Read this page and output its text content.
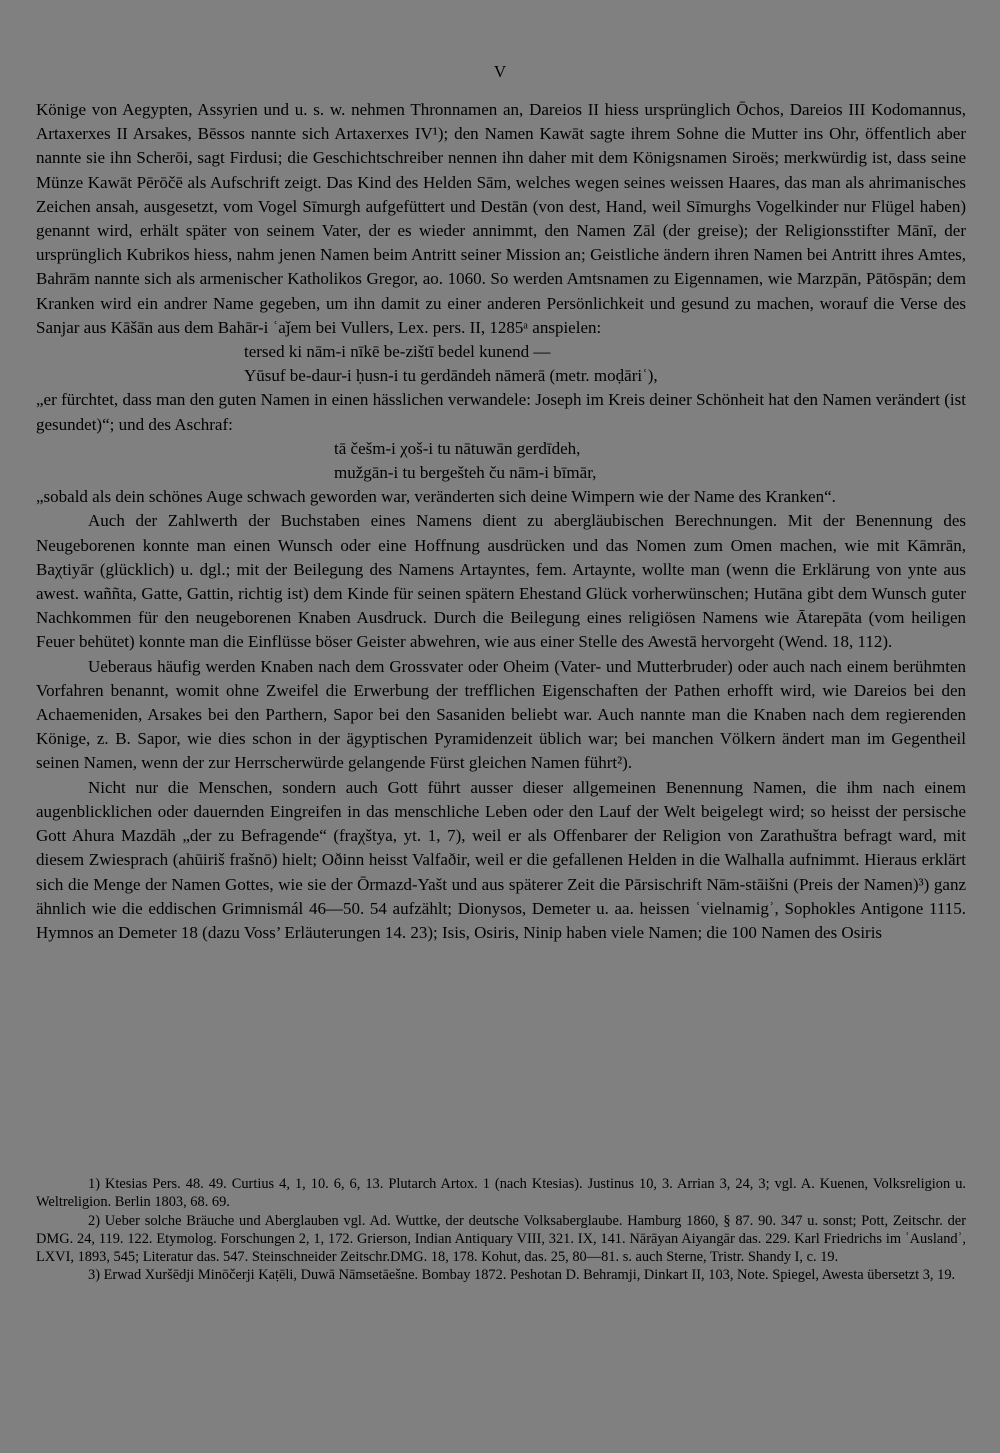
V

Könige von Aegypten, Assyrien und u. s. w. nehmen Thronnamen an, Dareios II hiess ursprünglich Ōchos, Dareios III Kodomannus, Artaxerxes II Arsakes, Bēssos nannte sich Artaxerxes IV¹); den Namen Kawāt sagte ihrem Sohne die Mutter ins Ohr, öffentlich aber nannte sie ihn Scherōi, sagt Firdusi; die Geschichtschreiber nennen ihn daher mit dem Königsnamen Siroës; merkwürdig ist, dass seine Münze Kawāt Pērōčē als Aufschrift zeigt. Das Kind des Helden Sām, welches wegen seines weissen Haares, das man als ahrimanisches Zeichen ansah, ausgesetzt, vom Vogel Sīmurgh aufgefüttert und Destān (von dest, Hand, weil Sīmurghs Vogelkinder nur Flügel haben) genannt wird, erhält später von seinem Vater, der es wieder annimmt, den Namen Zāl (der greise); der Religionsstifter Mānī, der ursprünglich Kubrikos hiess, nahm jenen Namen beim Antritt seiner Mission an; Geistliche ändern ihren Namen bei Antritt ihres Amtes, Bahrām nannte sich als armenischer Katholikos Gregor, ao. 1060. So werden Amtsnamen zu Eigennamen, wie Marzpān, Pātōspān; dem Kranken wird ein andrer Name gegeben, um ihn damit zu einer anderen Persönlichkeit und gesund zu machen, worauf die Verse des Sanjar aus Kāšān aus dem Bahār-i ʿaǰem bei Vullers, Lex. pers. II, 1285ᵃ anspielen:

tersed ki nām-i nīkē be-zištī bedel kunend —

Yūsuf be-daur-i ḥusn-i tu gerdāndeh nāmerā (metr. moḍāriʿ),

„er fürchtet, dass man den guten Namen in einen hässlichen verwandele: Joseph im Kreis deiner Schönheit hat den Namen verändert (ist gesundet)“; und des Aschraf:

tā češm-i χoš-i tu nātuwān gerdīdeh,

mužgān-i tu bergešteh ču nām-i bīmār,

„sobald als dein schönes Auge schwach geworden war, veränderten sich deine Wimpern wie der Name des Kranken“.

Auch der Zahlwerth der Buchstaben eines Namens dient zu abergläubischen Berechnungen. Mit der Benennung des Neugeborenen konnte man einen Wunsch oder eine Hoffnung ausdrücken und das Nomen zum Omen machen, wie mit Kāmrān, Baχtiyār (glücklich) u. dgl.; mit der Beilegung des Namens Artayntes, fem. Artaynte, wollte man (wenn die Erklärung von ynte aus awest. waññta, Gatte, Gattin, richtig ist) dem Kinde für seinen spätern Ehestand Glück vorherwünschen; Hutāna gibt dem Wunsch guter Nachkommen für den neugeborenen Knaben Ausdruck. Durch die Beilegung eines religiösen Namens wie Ātarepāta (vom heiligen Feuer behütet) konnte man die Einflüsse böser Geister abwehren, wie aus einer Stelle des Awestā hervorgeht (Wend. 18, 112).

Ueberaus häufig werden Knaben nach dem Grossvater oder Oheim (Vater- und Mutterbruder) oder auch nach einem berühmten Vorfahren benannt, womit ohne Zweifel die Erwerbung der trefflichen Eigenschaften der Pathen erhofft wird, wie Dareios bei den Achaemeniden, Arsakes bei den Parthern, Sapor bei den Sasaniden beliebt war. Auch nannte man die Knaben nach dem regierenden Könige, z. B. Sapor, wie dies schon in der ägyptischen Pyramidenzeit üblich war; bei manchen Völkern ändert man im Gegentheil seinen Namen, wenn der zur Herrscherwürde gelangende Fürst gleichen Namen führt²).

Nicht nur die Menschen, sondern auch Gott führt ausser dieser allgemeinen Benennung Namen, die ihm nach einem augenblicklichen oder dauernden Eingreifen in das menschliche Leben oder den Lauf der Welt beigelegt wird; so heisst der persische Gott Ahura Mazdāh „der zu Befragende“ (fraχštya, yt. 1, 7), weil er als Offenbarer der Religion von Zarathuštra befragt ward, mit diesem Zwiesprach (ahūiriš frašnō) hielt; Oðinn heisst Valfaðir, weil er die gefallenen Helden in die Walhalla aufnimmt. Hieraus erklärt sich die Menge der Namen Gottes, wie sie der Ōrmazd-Yašt und aus späterer Zeit die Pārsischrift Nām-stāišni (Preis der Namen)³) ganz ähnlich wie die eddischen Grimnismál 46—50. 54 aufzählt; Dionysos, Demeter u. aa. heissen ʿvielnamigʾ, Sophokles Antigone 1115. Hymnos an Demeter 18 (dazu Voss’ Erläuterungen 14. 23); Isis, Osiris, Ninip haben viele Namen; die 100 Namen des Osiris

1) Ktesias Pers. 48. 49. Curtius 4, 1, 10. 6, 6, 13. Plutarch Artox. 1 (nach Ktesias). Justinus 10, 3. Arrian 3, 24, 3; vgl. A. Kuenen, Volksreligion u. Weltreligion. Berlin 1803, 68. 69.

2) Ueber solche Bräuche und Aberglauben vgl. Ad. Wuttke, der deutsche Volksaberglaube. Hamburg 1860, § 87. 90. 347 u. sonst; Pott, Zeitschr. der DMG. 24, 119. 122. Etymolog. Forschungen 2, 1, 172. Grierson, Indian Antiquary VIII, 321. IX, 141. Nārāyan Aiyangār das. 229. Karl Friedrichs im ʿAuslandʾ, LXVI, 1893, 545; Literatur das. 547. Steinschneider Zeitschr.DMG. 18, 178. Kohut, das. 25, 80—81. s. auch Sterne, Tristr. Shandy I, c. 19.

3) Erwad Xuršēdji Minōčerji Kaṭēli, Duwā Nāmsetāešne. Bombay 1872. Peshotan D. Behramji, Dinkart II, 103, Note. Spiegel, Awesta übersetzt 3, 19.
